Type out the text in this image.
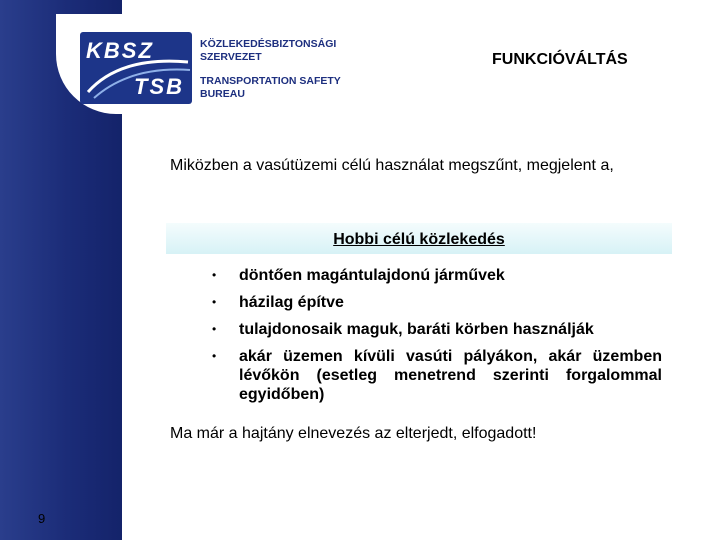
KBSZ
TSB
KÖZLEKEDÉSBIZTONSÁGI
SZERVEZET
TRANSPORTATION SAFETY
BUREAU
FUNKCIÓVÁLTÁS
Miközben a vasútüzemi célú használat megszűnt, megjelent a,
Hobbi célú közlekedés
• döntően magántulajdonú járművek
• házilag építve
• tulajdonosaik maguk, baráti körben használják
• akár üzemen kívüli vasúti pályákon, akár üzemben lévőkön (esetleg menetrend szerinti forgalommal egyidőben)
Ma már a hajtány elnevezés az elterjedt, elfogadott!
9
